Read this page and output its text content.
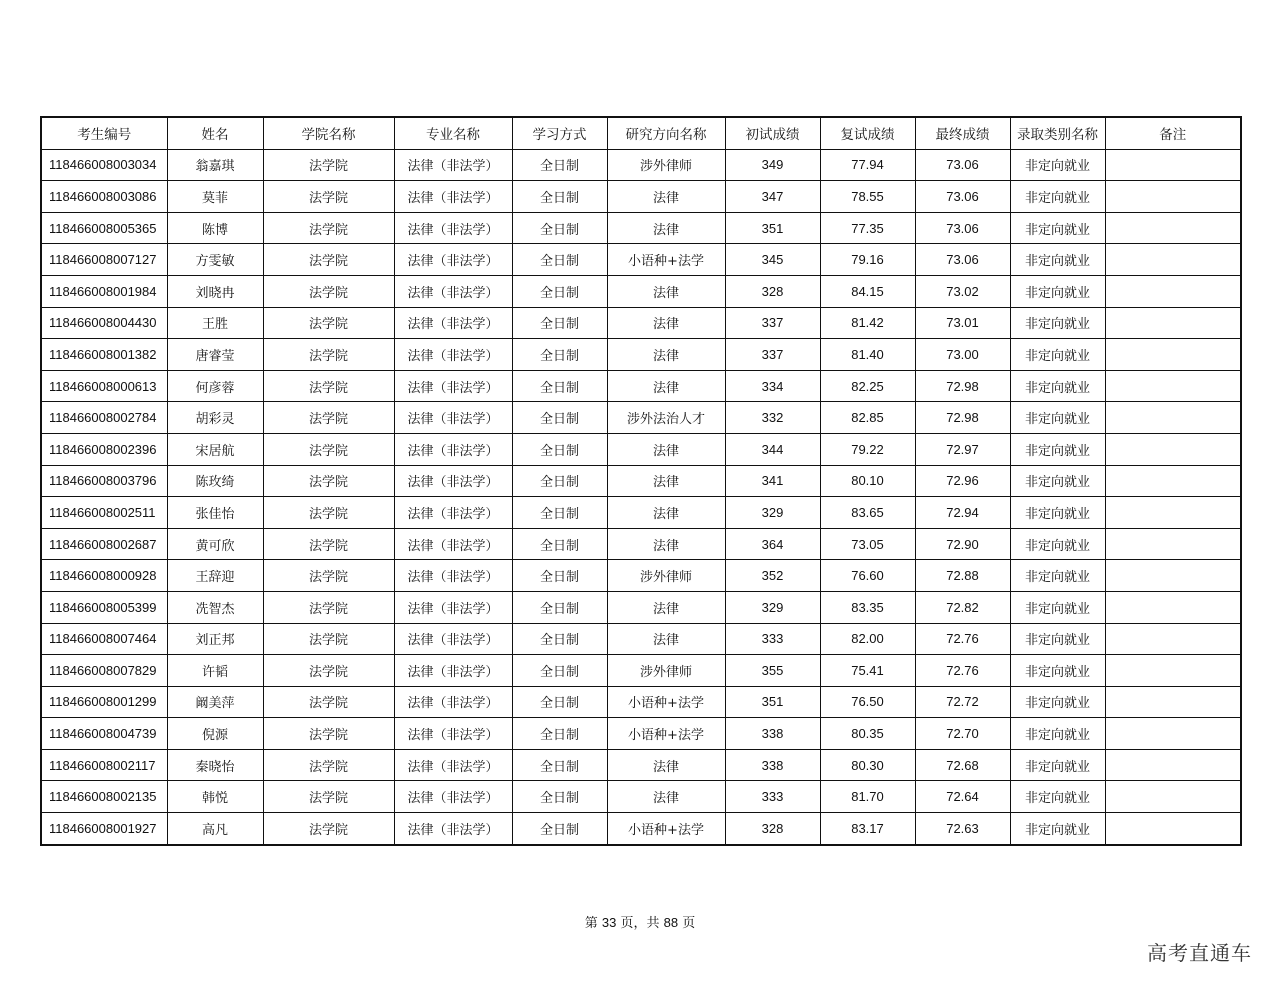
考生编号	姓名	学院名称	专业名称	学习方式	研究方向名称	初试成绩	复试成绩	最终成绩	录取类别名称	备注
118466008003034	翁嘉琪	法学院	法律（非法学）	全日制	涉外律师	349	77.94	73.06	非定向就业	
118466008003086	莫菲	法学院	法律（非法学）	全日制	法律	347	78.55	73.06	非定向就业	
118466008005365	陈博	法学院	法律（非法学）	全日制	法律	351	77.35	73.06	非定向就业	
118466008007127	方雯敏	法学院	法律（非法学）	全日制	小语种+法学	345	79.16	73.06	非定向就业	
118466008001984	刘晓冉	法学院	法律（非法学）	全日制	法律	328	84.15	73.02	非定向就业	
118466008004430	王胜	法学院	法律（非法学）	全日制	法律	337	81.42	73.01	非定向就业	
118466008001382	唐睿莹	法学院	法律（非法学）	全日制	法律	337	81.40	73.00	非定向就业	
118466008000613	何彦蓉	法学院	法律（非法学）	全日制	法律	334	82.25	72.98	非定向就业	
118466008002784	胡彩灵	法学院	法律（非法学）	全日制	涉外法治人才	332	82.85	72.98	非定向就业	
118466008002396	宋居航	法学院	法律（非法学）	全日制	法律	344	79.22	72.97	非定向就业	
118466008003796	陈玫绮	法学院	法律（非法学）	全日制	法律	341	80.10	72.96	非定向就业	
118466008002511	张佳怡	法学院	法律（非法学）	全日制	法律	329	83.65	72.94	非定向就业	
118466008002687	黄可欣	法学院	法律（非法学）	全日制	法律	364	73.05	72.90	非定向就业	
118466008000928	王辞迎	法学院	法律（非法学）	全日制	涉外律师	352	76.60	72.88	非定向就业	
118466008005399	冼智杰	法学院	法律（非法学）	全日制	法律	329	83.35	72.82	非定向就业	
118466008007464	刘正邦	法学院	法律（非法学）	全日制	法律	333	82.00	72.76	非定向就业	
118466008007829	许韬	法学院	法律（非法学）	全日制	涉外律师	355	75.41	72.76	非定向就业	
118466008001299	阚美萍	法学院	法律（非法学）	全日制	小语种+法学	351	76.50	72.72	非定向就业	
118466008004739	倪源	法学院	法律（非法学）	全日制	小语种+法学	338	80.35	72.70	非定向就业	
118466008002117	秦晓怡	法学院	法律（非法学）	全日制	法律	338	80.30	72.68	非定向就业	
118466008002135	韩悦	法学院	法律（非法学）	全日制	法律	333	81.70	72.64	非定向就业	
118466008001927	高凡	法学院	法律（非法学）	全日制	小语种+法学	328	83.17	72.63	非定向就业	
第 33 页，共 88 页
高考直通车
